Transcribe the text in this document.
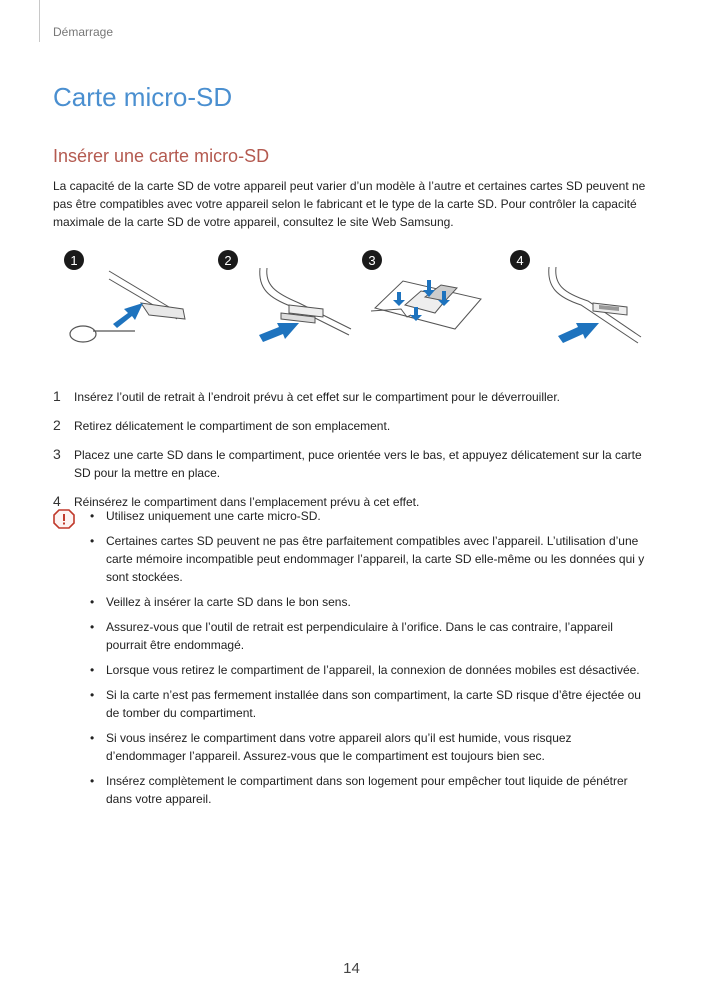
Démarrage
Carte micro-SD
Insérer une carte micro-SD

La capacité de la carte SD de votre appareil peut varier d’un modèle à l’autre et certaines cartes SD peuvent ne pas être compatibles avec votre appareil selon le fabricant et le type de la carte SD. Pour contrôler la capacité maximale de la carte SD de votre appareil, consultez le site Web Samsung.

1	2	3	4
1 Insérez l’outil de retrait à l’endroit prévu à cet effet sur le compartiment pour le déverrouiller.
2 Retirez délicatement le compartiment de son emplacement.
3 Placez une carte SD dans le compartiment, puce orientée vers le bas, et appuyez délicatement sur la carte SD pour la mettre en place.
4 Réinsérez le compartiment dans l’emplacement prévu à cet effet.
• Utilisez uniquement une carte micro-SD.
• Certaines cartes SD peuvent ne pas être parfaitement compatibles avec l’appareil. L’utilisation d’une carte mémoire incompatible peut endommager l’appareil, la carte SD elle-même ou les données qui y sont stockées.
• Veillez à insérer la carte SD dans le bon sens.
• Assurez-vous que l’outil de retrait est perpendiculaire à l’orifice. Dans le cas contraire, l’appareil pourrait être endommagé.
• Lorsque vous retirez le compartiment de l’appareil, la connexion de données mobiles est désactivée.
• Si la carte n’est pas fermement installée dans son compartiment, la carte SD risque d’être éjectée ou de tomber du compartiment.
• Si vous insérez le compartiment dans votre appareil alors qu’il est humide, vous risquez d’endommager l’appareil. Assurez-vous que le compartiment est toujours bien sec.
• Insérez complètement le compartiment dans son logement pour empêcher tout liquide de pénétrer dans votre appareil.
14
